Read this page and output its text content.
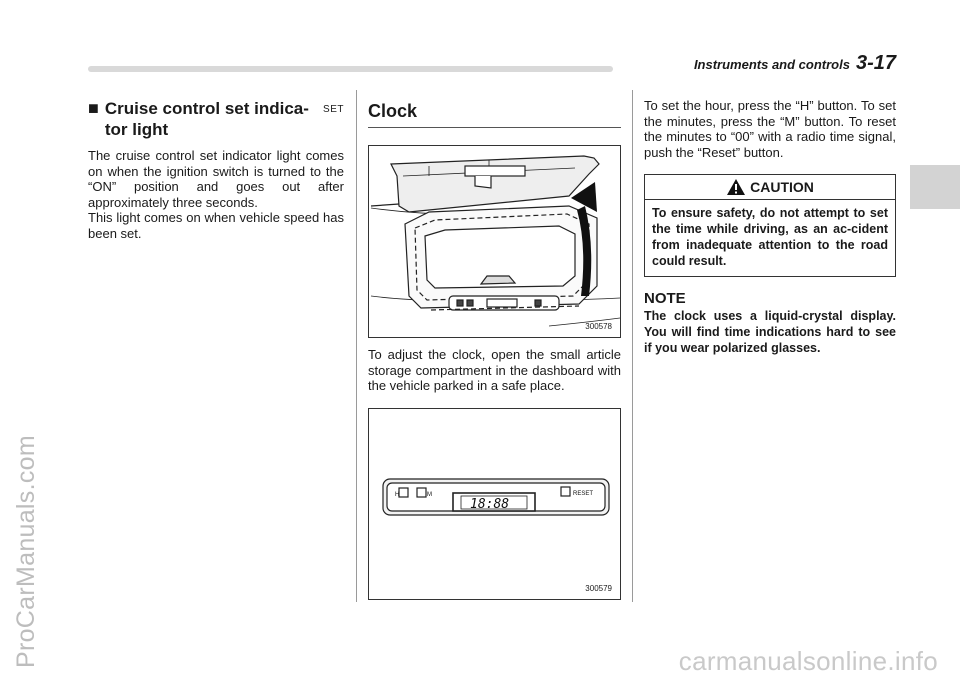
ProCarManuals.com
Instruments and controls 3-17
■ Cruise control set indica-tor light
SET

The cruise control set indicator light comes on when the ignition switch is turned to the “ON” position and goes out after approximately three seconds.

This light comes on when vehicle speed has been set.

Clock
300578

To adjust the clock, open the small article storage compartment in the dashboard with the vehicle parked in a safe place.

H	M	RESET
18:88
300579

To set the hour, press the “H” button. To set the minutes, press the “M” button. To reset the minutes to “00” with a radio time signal, push the “Reset” button.

CAUTION
To ensure safety, do not attempt to set the time while driving, as an ac-cident from inadequate attention to the road could result.
NOTE
The clock uses a liquid-crystal display. You will find time indications hard to see if you wear polarized glasses.
carmanualsonline.info
